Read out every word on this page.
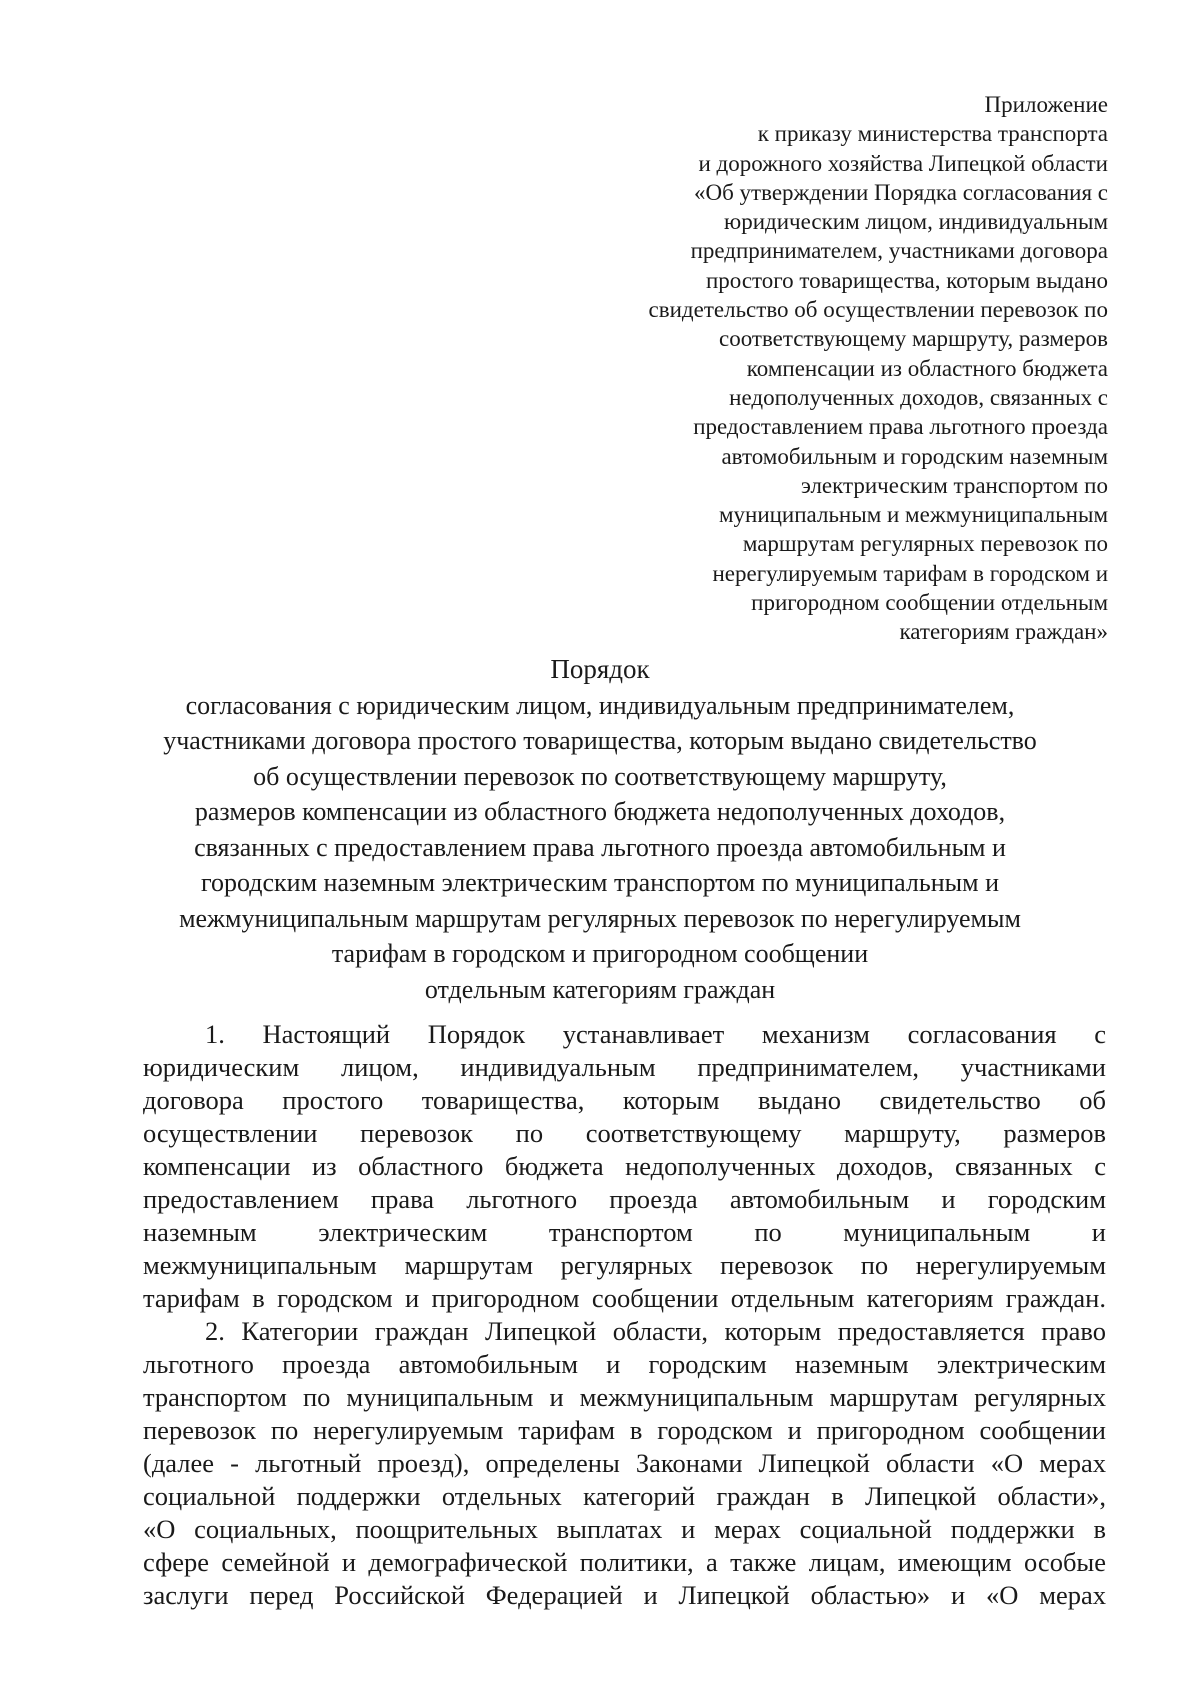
Приложение
к приказу министерства транспорта
и дорожного хозяйства Липецкой области
«Об утверждении Порядка согласования с
юридическим лицом, индивидуальным
предпринимателем, участниками договора
простого товарищества, которым выдано
свидетельство об осуществлении перевозок по
соответствующему маршруту, размеров
компенсации из областного бюджета
недополученных доходов, связанных с
предоставлением права льготного проезда
автомобильным и городским наземным
электрическим транспортом по
муниципальным и межмуниципальным
маршрутам регулярных перевозок по
нерегулируемым тарифам в городском и
пригородном сообщении отдельным
категориям граждан»
Порядок
согласования с юридическим лицом, индивидуальным предпринимателем,
участниками договора простого товарищества, которым выдано свидетельство
об осуществлении перевозок по соответствующему маршруту,
размеров компенсации из областного бюджета недополученных доходов,
связанных с предоставлением права льготного проезда автомобильным и
городским наземным электрическим транспортом по муниципальным и
межмуниципальным маршрутам регулярных перевозок по нерегулируемым
тарифам в городском и пригородном сообщении
отдельным категориям граждан
1. Настоящий Порядок устанавливает механизм согласования с
юридическим лицом, индивидуальным предпринимателем, участниками
договора простого товарищества, которым выдано свидетельство об
осуществлении перевозок по соответствующему маршруту, размеров
компенсации из областного бюджета недополученных доходов, связанных с
предоставлением права льготного проезда автомобильным и городским
наземным электрическим транспортом по муниципальным и
межмуниципальным маршрутам регулярных перевозок по нерегулируемым
тарифам в городском и пригородном сообщении отдельным категориям граждан.
2. Категории граждан Липецкой области, которым предоставляется право
льготного проезда автомобильным и городским наземным электрическим
транспортом по муниципальным и межмуниципальным маршрутам регулярных
перевозок по нерегулируемым тарифам в городском и пригородном сообщении
(далее - льготный проезд), определены Законами Липецкой области «О мерах
социальной поддержки отдельных категорий граждан в Липецкой области»,
«О социальных, поощрительных выплатах и мерах социальной поддержки в
сфере семейной и демографической политики, а также лицам, имеющим особые
заслуги перед Российской Федерацией и Липецкой областью» и «О мерах
